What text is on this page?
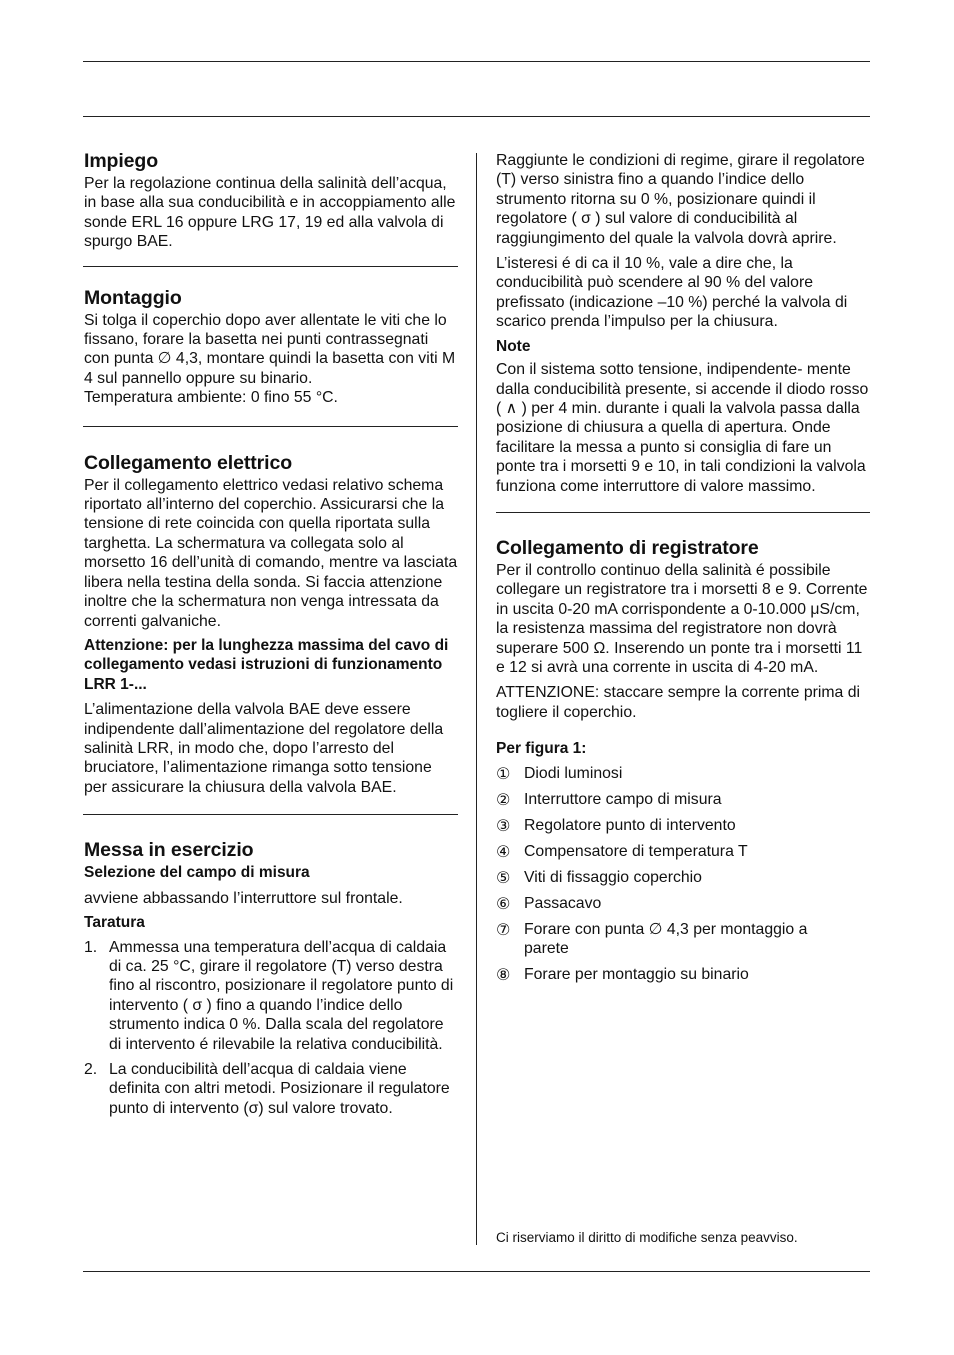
Impiego

Per la regolazione continua della salinità dell’acqua, in base alla sua conducibilità e in accoppiamento alle sonde ERL 16 oppure LRG 17, 19 ed alla valvola di spurgo BAE.

Montaggio

Si tolga il coperchio dopo aver allentate le viti che lo fissano, forare la basetta nei punti contrassegnati con punta ∅ 4,3, montare quindi la basetta con viti M 4 sul pannello oppure su binario.

Temperatura ambiente: 0 fino 55 °C.

Collegamento elettrico

Per il collegamento elettrico vedasi relativo schema riportato all’interno del coperchio. Assicurarsi che la tensione di rete coincida con quella riportata sulla targhetta. La schermatura va collegata solo al morsetto 16 dell’unità di comando, mentre va lasciata libera nella testina della sonda. Si faccia attenzione inoltre che la schermatura non venga intressata da correnti galvaniche.

Attenzione: per la lunghezza massima del cavo di collegamento vedasi istruzioni di funzionamento LRR 1-...

L’alimentazione della valvola BAE deve essere indipendente dall’alimentazione del regolatore della salinità LRR, in modo che, dopo l’arresto del bruciatore, l’alimentazione rimanga sotto tensione per assicurare la chiusura della valvola BAE.

Messa in esercizio
Selezione del campo di misura

avviene abbassando l’interruttore sul frontale.

Taratura
1. Ammessa una temperatura dell’acqua di caldaia di ca. 25 °C, girare il regolatore (T) verso destra fino al riscontro, posizionare il regolatore punto di intervento ( σ ) fino a quando l’indice dello strumento indica 0 %. Dalla scala del regolatore di intervento é rilevabile la relativa conducibilità.
2. La conducibilità dell’acqua di caldaia viene definita con altri metodi. Posizionare il regulatore punto di intervento (σ) sul valore trovato.

Raggiunte le condizioni di regime, girare il regolatore (T) verso sinistra fino a quando l’indice dello strumento ritorna su 0 %, posizionare quindi il regolatore ( σ ) sul valore di conducibilità al raggiungimento del quale la valvola dovrà aprire.

L’isteresi é di ca il 10 %, vale a dire che, la conducibilità può scendere al 90 % del valore prefissato (indicazione –10 %) perché la valvola di scarico prenda l’impulso per la chiusura.

Note

Con il sistema sotto tensione, indipendente- mente dalla conducibilità presente, si accende il diodo rosso ( ∧ ) per 4 min. durante i quali la valvola passa dalla posizione di chiusura a quella di apertura. Onde facilitare la messa a punto si consiglia di fare un ponte tra i morsetti 9 e 10, in tali condizioni la valvola funziona come interruttore di valore massimo.

Collegamento di registratore

Per il controllo continuo della salinità é possibile collegare un registratore tra i morsetti 8 e 9. Corrente in uscita 0-20 mA corrispondente a 0-10.000 μS/cm, la resistenza massima del registratore non dovrà superare 500 Ω. Inserendo un ponte tra i morsetti 11 e 12 si avrà una corrente in uscita di 4-20 mA.

ATTENZIONE: staccare sempre la corrente prima di togliere il coperchio.

Per figura 1:
① Diodi luminosi
② Interruttore campo di misura
③ Regolatore punto di intervento
④ Compensatore di temperatura T
⑤ Viti di fissaggio coperchio
⑥ Passacavo
⑦ Forare con punta ∅ 4,3 per montaggio a parete
⑧ Forare per montaggio su binario

Ci riserviamo il diritto di modifiche senza peavviso.
